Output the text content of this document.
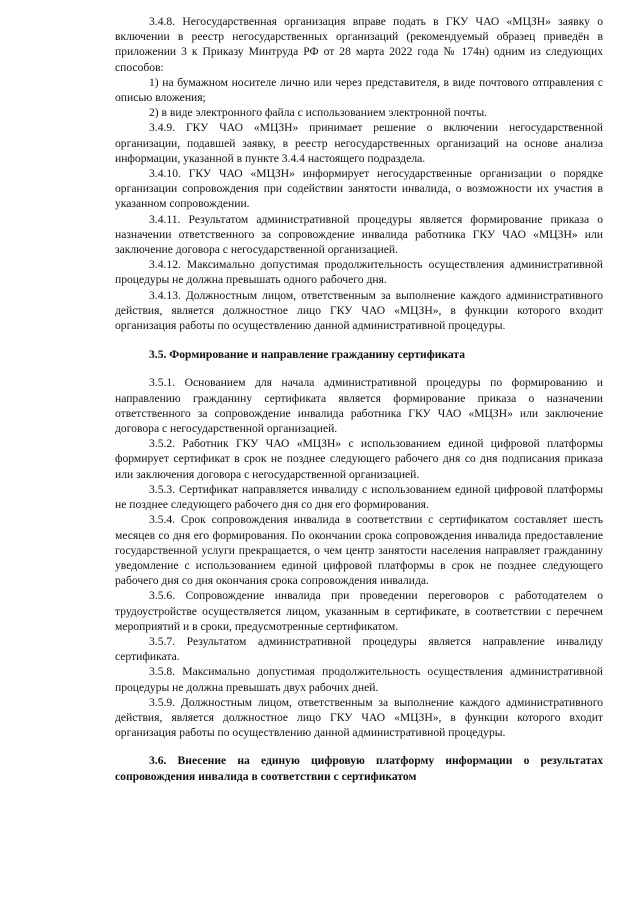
3.4.8. Негосударственная организация вправе подать в ГКУ ЧАО «МЦЗН» заявку о включении в реестр негосударственных организаций (рекомендуемый образец приведён в приложении 3 к Приказу Минтруда РФ от 28 марта 2022 года № 174н) одним из следующих способов:

1) на бумажном носителе лично или через представителя, в виде почтового отправления с описью вложения;

2) в виде электронного файла с использованием электронной почты.

3.4.9. ГКУ ЧАО «МЦЗН» принимает решение о включении негосударственной организации, подавшей заявку, в реестр негосударственных организаций на основе анализа информации, указанной в пункте 3.4.4 настоящего подраздела.

3.4.10. ГКУ ЧАО «МЦЗН» информирует негосударственные организации о порядке организации сопровождения при содействии занятости инвалида, о возможности их участия в указанном сопровождении.

3.4.11. Результатом административной процедуры является формирование приказа о назначении ответственного за сопровождение инвалида работника ГКУ ЧАО «МЦЗН» или заключение договора с негосударственной организацией.

3.4.12. Максимально допустимая продолжительность осуществления административной процедуры не должна превышать одного рабочего дня.

3.4.13. Должностным лицом, ответственным за выполнение каждого административного действия, является должностное лицо ГКУ ЧАО «МЦЗН», в функции которого входит организация работы по осуществлению данной административной процедуры.

3.5. Формирование и направление гражданину сертификата

3.5.1. Основанием для начала административной процедуры по формированию и направлению гражданину сертификата является формирование приказа о назначении ответственного за сопровождение инвалида работника ГКУ ЧАО «МЦЗН» или заключение договора с негосударственной организацией.

3.5.2. Работник ГКУ ЧАО «МЦЗН» с использованием единой цифровой платформы формирует сертификат в срок не позднее следующего рабочего дня со дня подписания приказа или заключения договора с негосударственной организацией.

3.5.3. Сертификат направляется инвалиду с использованием единой цифровой платформы не позднее следующего рабочего дня со дня его формирования.

3.5.4. Срок сопровождения инвалида в соответствии с сертификатом составляет шесть месяцев со дня его формирования. По окончании срока сопровождения инвалида предоставление государственной услуги прекращается, о чем центр занятости населения направляет гражданину уведомление с использованием единой цифровой платформы в срок не позднее следующего рабочего дня со дня окончания срока сопровождения инвалида.

3.5.6. Сопровождение инвалида при проведении переговоров с работодателем о трудоустройстве осуществляется лицом, указанным в сертификате, в соответствии с перечнем мероприятий и в сроки, предусмотренные сертификатом.

3.5.7. Результатом административной процедуры является направление инвалиду сертификата.

3.5.8. Максимально допустимая продолжительность осуществления административной процедуры не должна превышать двух рабочих дней.

3.5.9. Должностным лицом, ответственным за выполнение каждого административного действия, является должностное лицо ГКУ ЧАО «МЦЗН», в функции которого входит организация работы по осуществлению данной административной процедуры.

3.6. Внесение на единую цифровую платформу информации о результатах сопровождения инвалида в соответствии с сертификатом
